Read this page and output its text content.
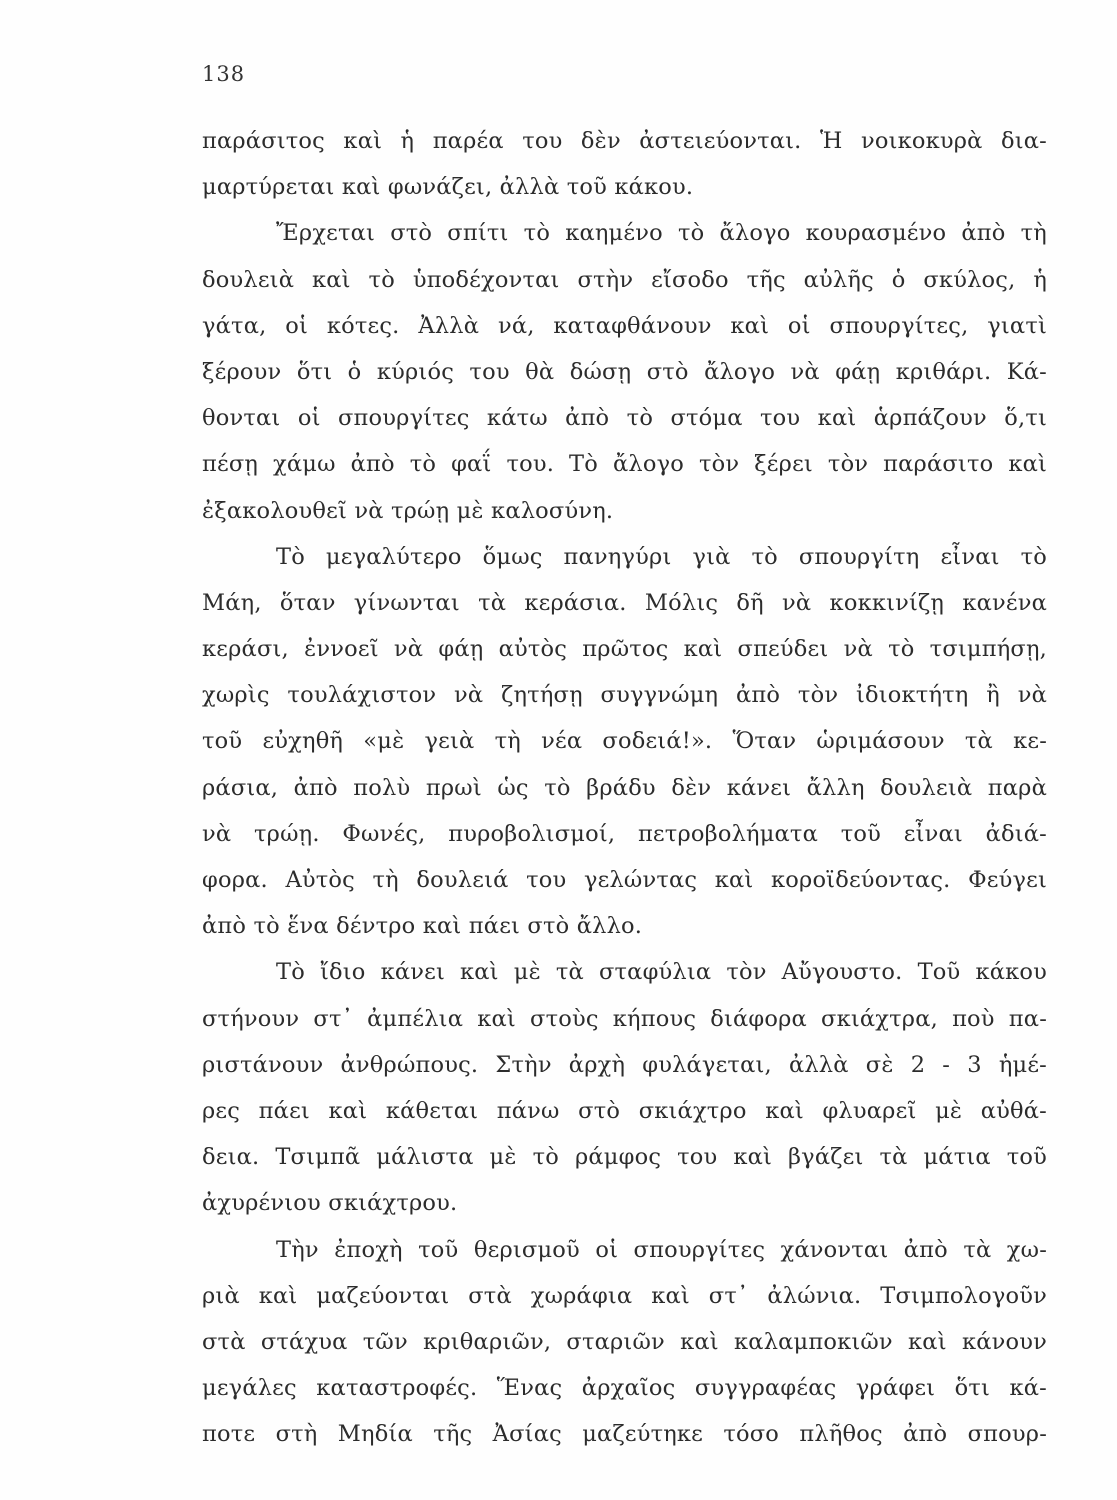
138
παράσιτος καὶ ἡ παρέα του δὲν ἀστειεύονται. Ἡ νοικοκυρὰ δια-
μαρτύρεται καὶ φωνάζει, ἀλλὰ τοῦ κάκου.
Ἔρχεται στὸ σπίτι τὸ καημένο τὸ ἄλογο κουρασμένο ἀπὸ τὴ
δουλειὰ καὶ τὸ ὑποδέχονται στὴν εἴσοδο τῆς αὐλῆς ὁ σκύλος, ἡ
γάτα, οἱ κότες. Ἀλλὰ νά, καταφθάνουν καὶ οἱ σπουργίτες, γιατὶ
ξέρουν ὅτι ὁ κύριός του θὰ δώσῃ στὸ ἄλογο νὰ φάῃ κριθάρι. Κά-
θονται οἱ σπουργίτες κάτω ἀπὸ τὸ στόμα του καὶ ἁρπάζουν ὅ,τι
πέσῃ χάμω ἀπὸ τὸ φαΐ του. Τὸ ἄλογο τὸν ξέρει τὸν παράσιτο καὶ
ἐξακολουθεῖ νὰ τρώῃ μὲ καλοσύνη.
Τὸ μεγαλύτερο ὅμως πανηγύρι γιὰ τὸ σπουργίτη εἶναι τὸ
Μάη, ὅταν γίνωνται τὰ κεράσια. Μόλις δῆ νὰ κοκκινίζῃ κανένα
κεράσι, ἐννοεῖ νὰ φάῃ αὐτὸς πρῶτος καὶ σπεύδει νὰ τὸ τσιμπήσῃ,
χωρὶς τουλάχιστον νὰ ζητήσῃ συγγνώμη ἀπὸ τὸν ἰδιοκτήτη ἢ νὰ
τοῦ εὐχηθῆ «μὲ γειὰ τὴ νέα σοδειά!». Ὅταν ὡριμάσουν τὰ κε-
ράσια, ἀπὸ πολὺ πρωὶ ὡς τὸ βράδυ δὲν κάνει ἄλλη δουλειὰ παρὰ
νὰ τρώῃ. Φωνές, πυροβολισμοί, πετροβολήματα τοῦ εἶναι ἀδιά-
φορα. Αὐτὸς τὴ δουλειά του γελώντας καὶ κοροϊδεύοντας. Φεύγει
ἀπὸ τὸ ἕνα δέντρο καὶ πάει στὸ ἄλλο.
Τὸ ἴδιο κάνει καὶ μὲ τὰ σταφύλια τὸν Αὔγουστο. Τοῦ κάκου
στήνουν στ᾽ ἀμπέλια καὶ στοὺς κήπους διάφορα σκιάχτρα, ποὺ πα-
ριστάνουν ἀνθρώπους. Στὴν ἀρχὴ φυλάγεται, ἀλλὰ σὲ 2 - 3 ἡμέ-
ρες πάει καὶ κάθεται πάνω στὸ σκιάχτρο καὶ φλυαρεῖ μὲ αὐθά-
δεια. Τσιμπᾶ μάλιστα μὲ τὸ ράμφος του καὶ βγάζει τὰ μάτια τοῦ
ἀχυρένιου σκιάχτρου.
Τὴν ἐποχὴ τοῦ θερισμοῦ οἱ σπουργίτες χάνονται ἀπὸ τὰ χω-
ριὰ καὶ μαζεύονται στὰ χωράφια καὶ στ᾽ ἀλώνια. Τσιμπολογοῦν
στὰ στάχυα τῶν κριθαριῶν, σταριῶν καὶ καλαμποκιῶν καὶ κάνουν
μεγάλες καταστροφές. Ἕνας ἀρχαῖος συγγραφέας γράφει ὅτι κά-
ποτε στὴ Μηδία τῆς Ἀσίας μαζεύτηκε τόσο πλῆθος ἀπὸ σπουρ-
